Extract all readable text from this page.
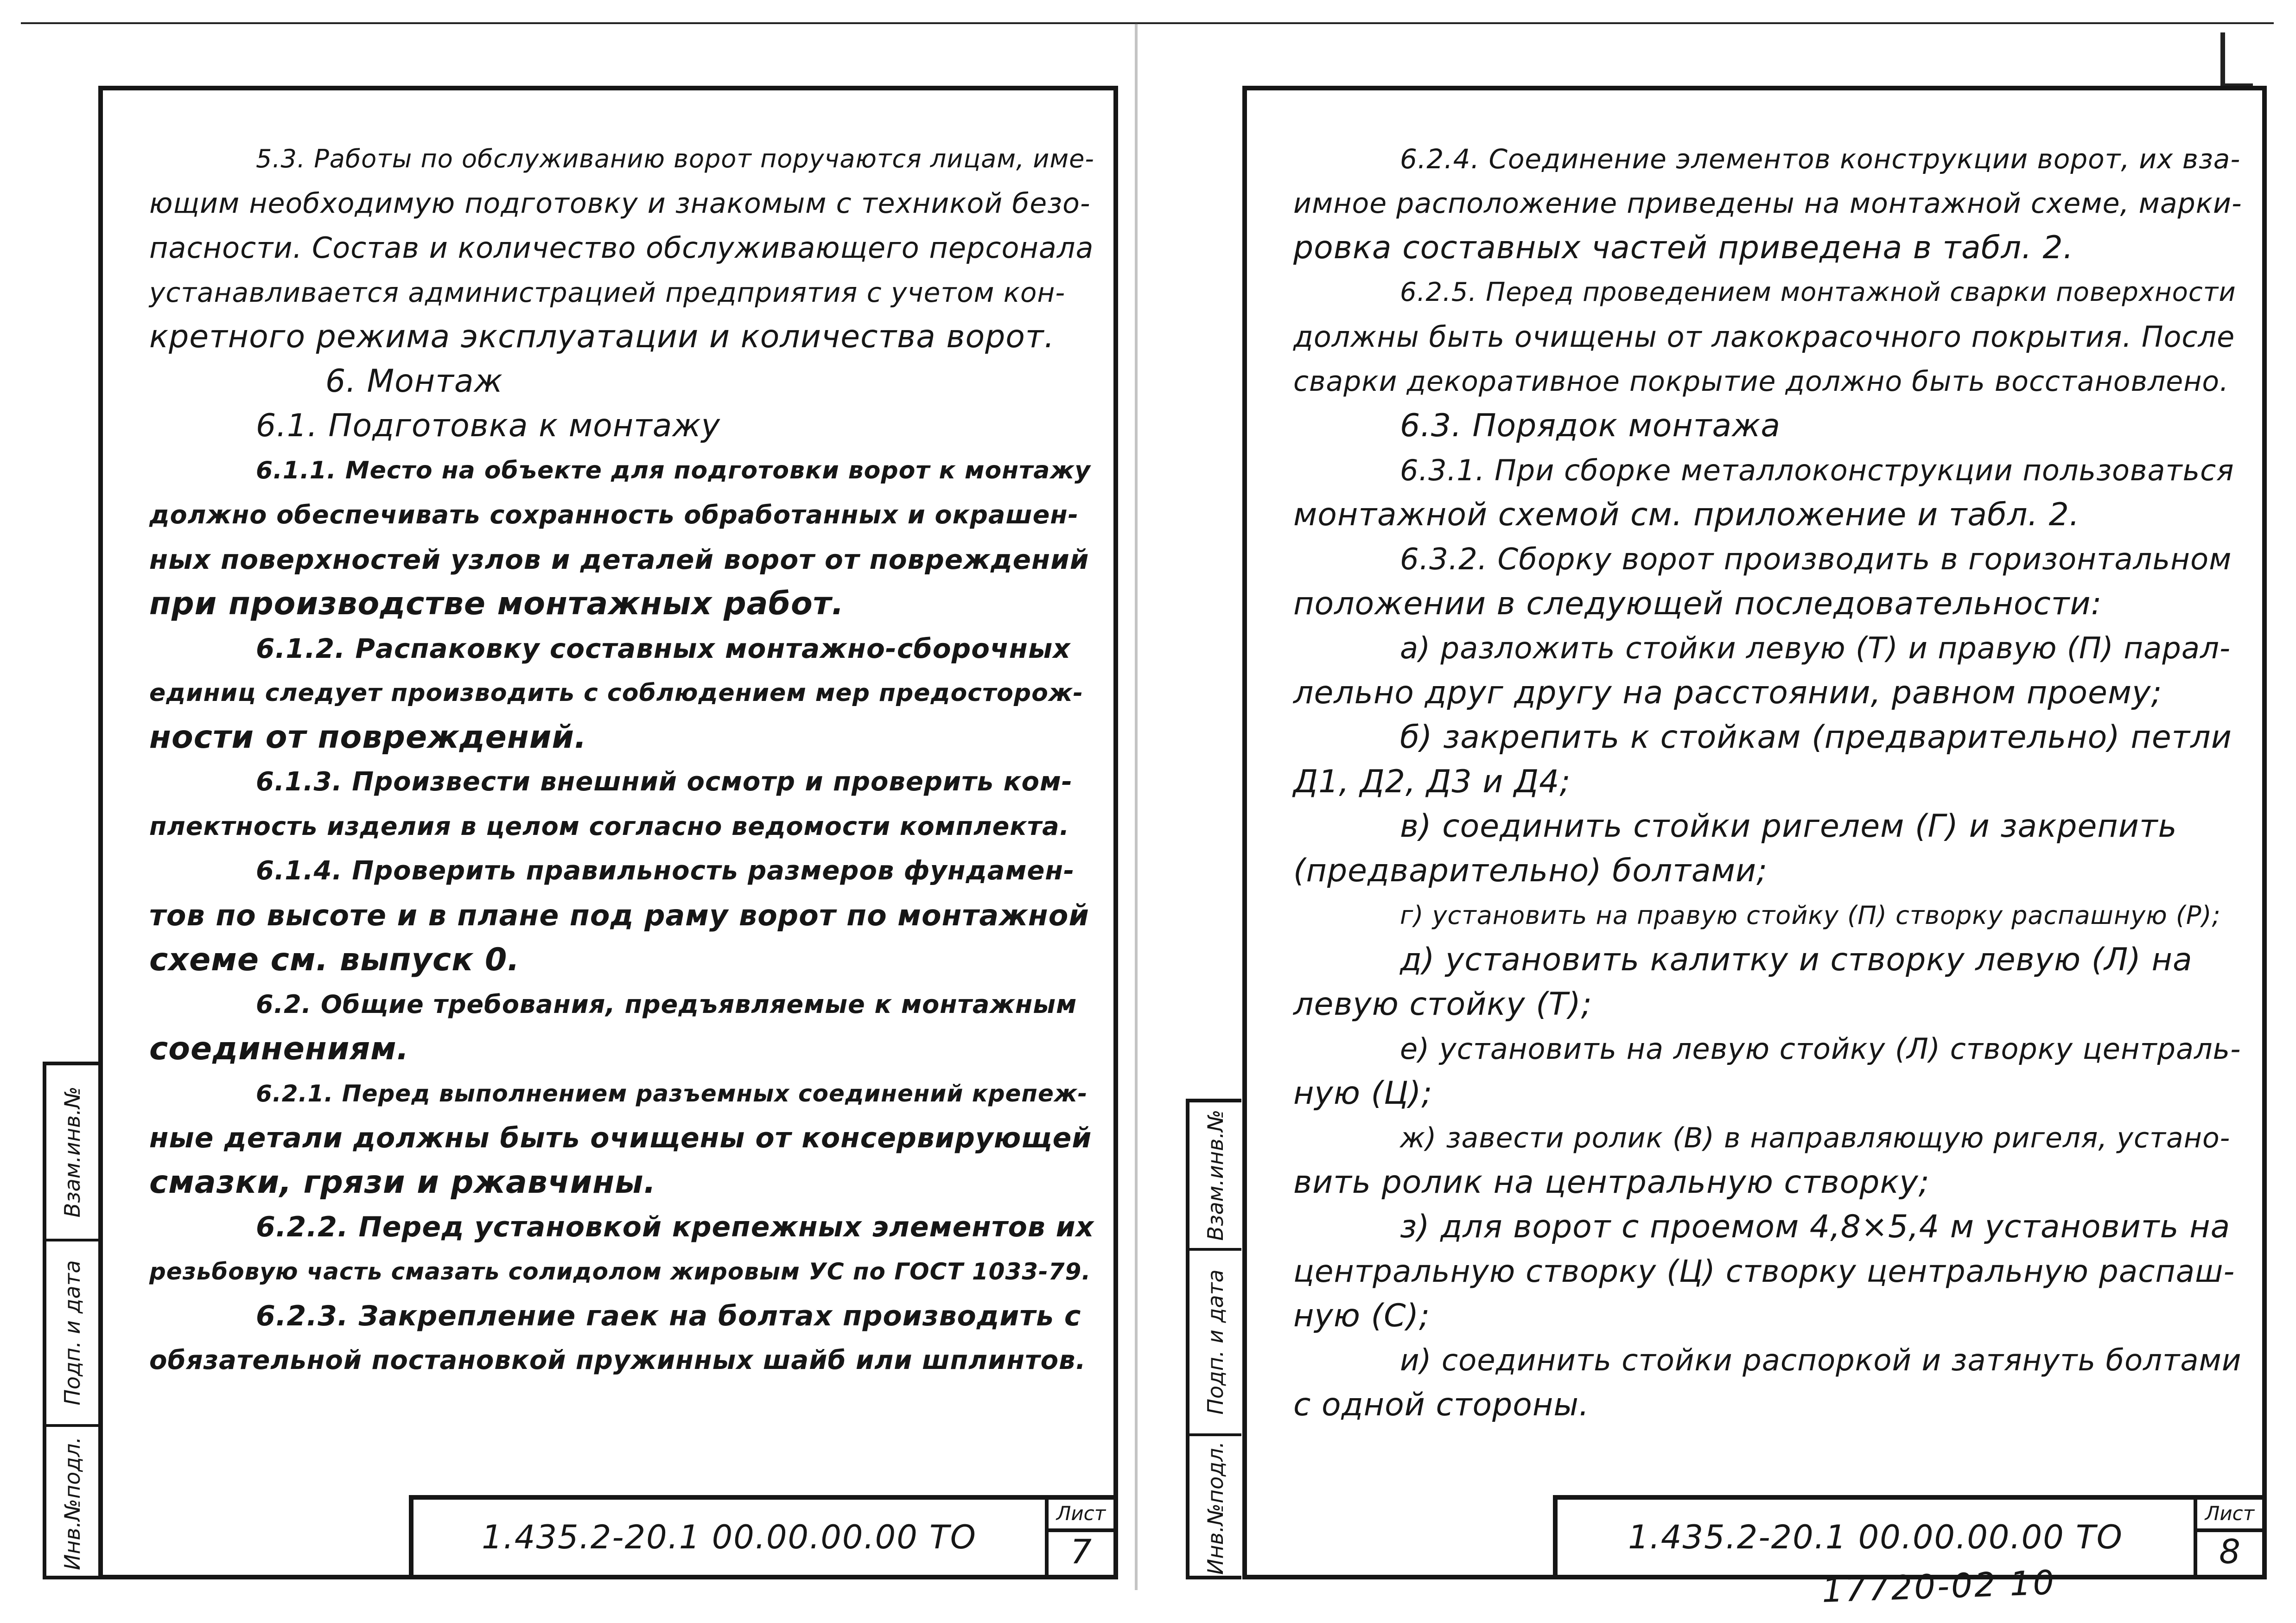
5.3. Работы по обслуживанию ворот поручаются лицам, име-
ющим необходимую подготовку и знакомым с техникой безо-
пасности. Состав и количество обслуживающего персонала
устанавливается администрацией предприятия с учетом кон-
кретного режима эксплуатации и количества ворот.
6. Монтаж
6.1. Подготовка к монтажу
6.1.1. Место на объекте для подготовки ворот к монтажу
должно обеспечивать сохранность обработанных и окрашен-
ных поверхностей узлов и деталей ворот от повреждений
при производстве монтажных работ.
6.1.2. Распаковку составных монтажно-сборочных
единиц следует производить с соблюдением мер предосторож-
ности от повреждений.
6.1.3. Произвести внешний осмотр и проверить ком-
плектность изделия в целом согласно ведомости комплекта.
6.1.4. Проверить правильность размеров фундамен-
тов по высоте и в плане под раму ворот по монтажной
схеме см. выпуск 0.
6.2. Общие требования, предъявляемые к монтажным
соединениям.
6.2.1. Перед выполнением разъемных соединений крепеж-
ные детали должны быть очищены от консервирующей
смазки, грязи и ржавчины.
6.2.2. Перед установкой крепежных элементов их
резьбовую часть смазать солидолом жировым УС по ГОСТ 1033-79.
6.2.3. Закрепление гаек на болтах производить с
обязательной постановкой пружинных шайб или шплинтов.
1.435.2-20.1 00.00.00.00 ТО
Лист
7
Взам.инв.№
Подп. и дата
Инв.№подл.
6.2.4. Соединение элементов конструкции ворот, их вза-
имное расположение приведены на монтажной схеме, марки-
ровка составных частей приведена в табл. 2.
6.2.5. Перед проведением монтажной сварки поверхности
должны быть очищены от лакокрасочного покрытия. После
сварки декоративное покрытие должно быть восстановлено.
6.3. Порядок монтажа
6.3.1. При сборке металлоконструкции пользоваться
монтажной схемой см. приложение и табл. 2.
6.3.2. Сборку ворот производить в горизонтальном
положении в следующей последовательности:
а) разложить стойки левую (Т) и правую (П) парал-
лельно друг другу на расстоянии, равном проему;
б) закрепить к стойкам (предварительно) петли
Д1, Д2, Д3 и Д4;
в) соединить стойки ригелем (Г) и закрепить
(предварительно) болтами;
г) установить на правую стойку (П) створку распашную (Р);
д) установить калитку и створку левую (Л) на
левую стойку (Т);
е) установить на левую стойку (Л) створку централь-
ную (Ц);
ж) завести ролик (В) в направляющую ригеля, устано-
вить ролик на центральную створку;
з) для ворот с проемом 4,8×5,4 м установить на
центральную створку (Ц) створку центральную распаш-
ную (С);
и) соединить стойки распоркой и затянуть болтами
с одной стороны.
1.435.2-20.1 00.00.00.00 ТО
Лист
8
Взам.инв.№
Подп. и дата
Инв.№подл.
17720-02 10
